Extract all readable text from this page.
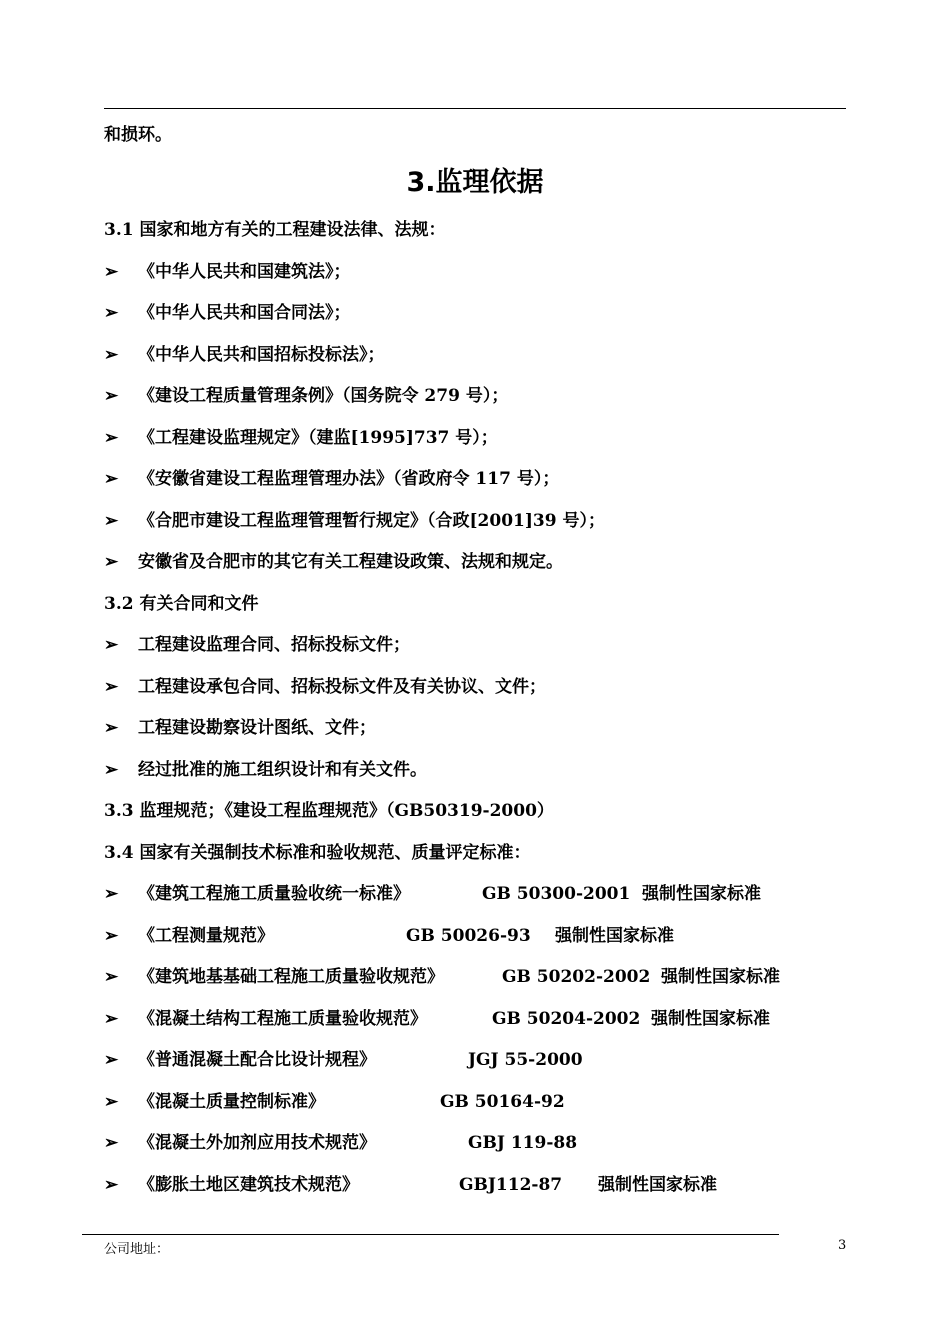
和损环。
3.监理依据
3.1 国家和地方有关的工程建设法律、法规：
➢ 《中华人民共和国建筑法》；
➢ 《中华人民共和国合同法》；
➢ 《中华人民共和国招标投标法》；
➢ 《建设工程质量管理条例》（国务院令 279 号）；
➢ 《工程建设监理规定》（建监[1995]737 号）；
➢ 《安徽省建设工程监理管理办法》（省政府令 117 号）；
➢ 《合肥市建设工程监理管理暂行规定》（合政[2001]39 号）；
➢ 安徽省及合肥市的其它有关工程建设政策、法规和规定。
3.2 有关合同和文件
➢ 工程建设监理合同、招标投标文件；
➢ 工程建设承包合同、招标投标文件及有关协议、文件；
➢ 工程建设勘察设计图纸、文件；
➢ 经过批准的施工组织设计和有关文件。
3.3 监理规范；《建设工程监理规范》（GB50319-2000）
3.4 国家有关强制技术标准和验收规范、质量评定标准：
➢ 《建筑工程施工质量验收统一标准》	GB 50300-2001 强制性国家标准
➢ 《工程测量规范》	GB 50026-93 强制性国家标准
➢ 《建筑地基基础工程施工质量验收规范》	GB 50202-2002 强制性国家标准
➢ 《混凝土结构工程施工质量验收规范》	GB 50204-2002 强制性国家标准
➢ 《普通混凝土配合比设计规程》	JGJ 55-2000
➢ 《混凝土质量控制标准》	GB 50164-92
➢ 《混凝土外加剂应用技术规范》	GBJ 119-88
➢ 《膨胀土地区建筑技术规范》	GBJ112-87 强制性国家标准
公司地址：	3
